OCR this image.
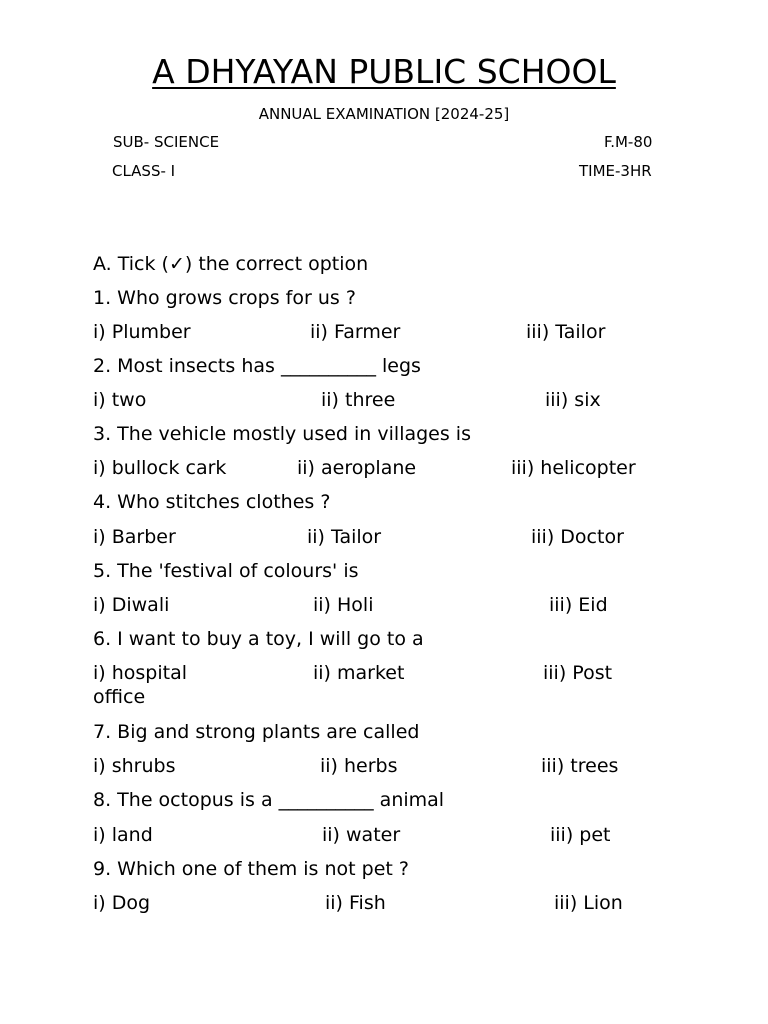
A DHYAYAN PUBLIC SCHOOL
ANNUAL EXAMINATION [2024-25]
SUB- SCIENCE	F.M-80
CLASS- I	TIME-3HR
A. Tick (✓) the correct option
1. Who grows crops for us ?
i) Plumber	ii) Farmer	iii) Tailor
2. Most insects has __________ legs
i) two	ii) three	iii) six
3. The vehicle mostly used in villages is
i) bullock cark	ii) aeroplane	iii) helicopter
4. Who stitches clothes ?
i) Barber	ii) Tailor	iii) Doctor
5. The 'festival of colours' is
i) Diwali	ii) Holi	iii) Eid
6. I want to buy a toy, I will go to a
i) hospital	ii) market	iii) Post
office
7. Big and strong plants are called
i) shrubs	ii) herbs	iii) trees
8. The octopus is a __________ animal
i) land	ii) water	iii) pet
9. Which one of them is not pet ?
i) Dog	ii) Fish	iii) Lion
